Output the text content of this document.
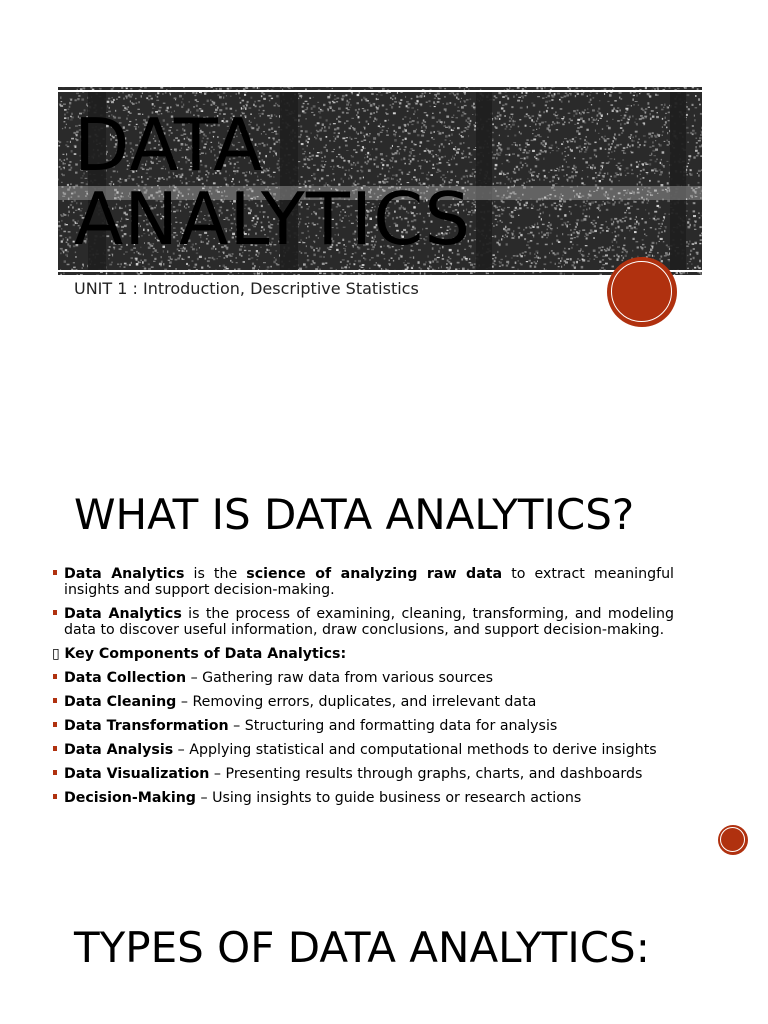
DATA
ANALYTICS

UNIT 1 : Introduction, Descriptive Statistics

WHAT IS DATA ANALYTICS?
Data Analytics is the science of analyzing raw data to extract meaningful insights and support decision-making.
Data Analytics is the process of examining, cleaning, transforming, and modeling data to discover useful information, draw conclusions, and support decision-making.
▯ Key Components of Data Analytics:
Data Collection – Gathering raw data from various sources
Data Cleaning – Removing errors, duplicates, and irrelevant data
Data Transformation – Structuring and formatting data for analysis
Data Analysis – Applying statistical and computational methods to derive insights
Data Visualization – Presenting results through graphs, charts, and dashboards
Decision-Making – Using insights to guide business or research actions
TYPES OF DATA ANALYTICS:
